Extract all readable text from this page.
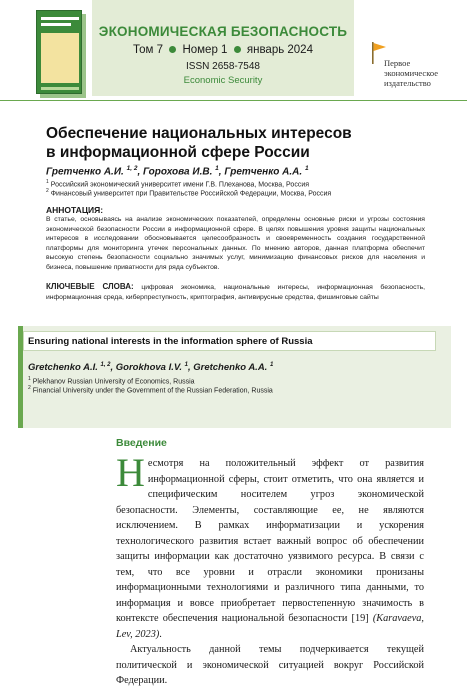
ЭКОНОМИЧЕСКАЯ БЕЗОПАСНОСТЬ
Том 7 Номер 1 январь 2024
ISSN 2658-7548
Economic Security
Первое
экономическое
издательство
Обеспечение национальных интересов
в информационной сфере России
Гретченко А.И. $^{1, 2}$, Горохова И.В. $^1$, Гретченко А.А. $^1$
$^1$ Российский экономический университет имени Г.В. Плеханова, Москва, Россия
$^2$ Финансовый университет при Правительстве Российской Федерации, Москва, Россия
АННОТАЦИЯ:
В статье, основываясь на анализе экономических показателей, определены основные риски и угрозы состояния экономической безопасности России в информационной сфере. В целях повышения уровня защиты национальных интересов в исследовании обосновывается целесообразность и своевременность создания государственной платформы для мониторинга утечек персональных данных. По мнению авторов, данная платформа обеспечит высокую степень безопасности социально значимых услуг, минимизацию финансовых рисков для населения и бизнеса, повышение приватности для ряда субъектов.
КЛЮЧЕВЫЕ СЛОВА: цифровая экономика, национальные интересы, информационная безопасность, информационная среда, киберпреступность, криптография, антивирусные средства, фишинговые сайты
Ensuring national interests in the information sphere of Russia
Gretchenko A.I. $^{1, 2}$, Gorokhova I.V. $^1$, Gretchenko A.A. $^1$
$^1$ Plekhanov Russian University of Economics, Russia
$^2$ Financial University under the Government of the Russian Federation, Russia
Введение

Несмотря на положительный эффект от развития информационной сферы, стоит отметить, что она является и специфическим носителем угроз экономической безопасности. Элементы, составляющие ее, не являются исключением. В рамках информатизации и ускорения технологического развития встает важный вопрос об обеспечении защиты информации как достаточно уязвимого ресурса. В связи с тем, что все уровни и отрасли экономики пронизаны информационными технологиями и различного типа данными, то информация и вовсе приобретает первостепенную значимость в контексте обеспечения национальной безопасности [19] (Karavaeva, Lev, 2023).

Актуальность данной темы подчеркивается текущей политической и экономической ситуацией вокруг Российской Федерации.
